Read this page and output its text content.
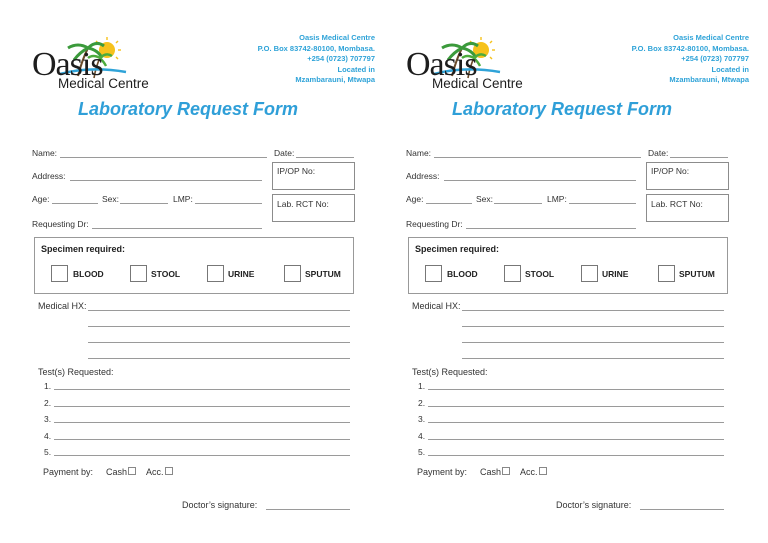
Oasis
Medical Centre
Oasis Medical Centre
P.O. Box 83742-80100, Mombasa.
+254 (0723) 707797
Located in
Mzambarauni, Mtwapa
Laboratory Request Form
Name:	Date:
Address:	IP/OP No:
Age:	Sex:	LMP:	Lab. RCT No:
Requesting Dr:
Specimen required:
BLOOD	STOOL	URINE	SPUTUM
Medical HX:
Test(s) Requested:
1.
2.
3.
4.
5.
Payment by: Cash Acc.
Doctor’s signature:
Oasis
Medical Centre
Oasis Medical Centre
P.O. Box 83742-80100, Mombasa.
+254 (0723) 707797
Located in
Mzambarauni, Mtwapa
Laboratory Request Form
Name:	Date:
Address:	IP/OP No:
Age:	Sex:	LMP:	Lab. RCT No:
Requesting Dr:
Specimen required:
BLOOD	STOOL	URINE	SPUTUM
Medical HX:
Test(s) Requested:
1.
2.
3.
4.
5.
Payment by: Cash Acc.
Doctor’s signature:
